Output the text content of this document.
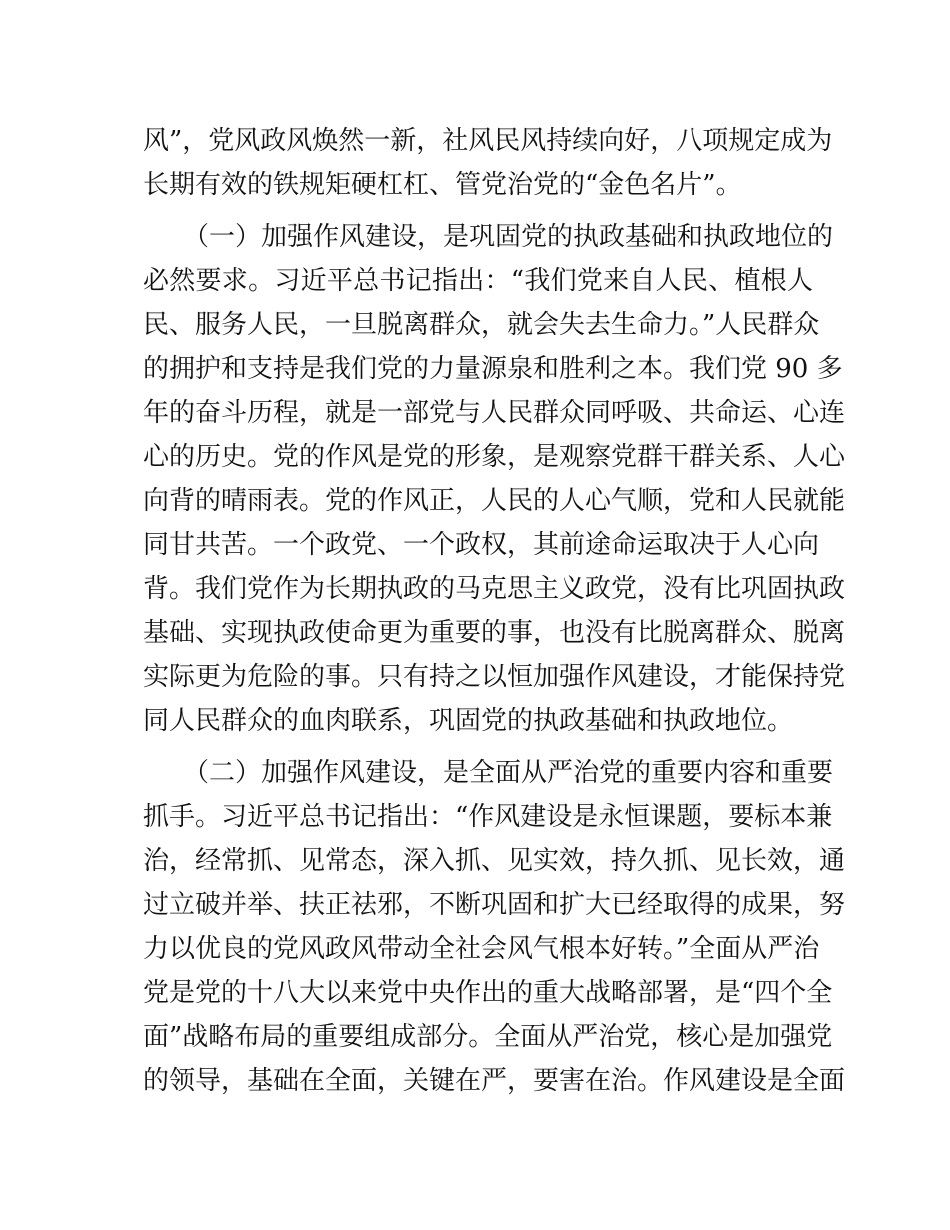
风”，党风政风焕然一新，社风民风持续向好，八项规定成为
长期有效的铁规矩硬杠杠、管党治党的“金色名片”。
（一）加强作风建设，是巩固党的执政基础和执政地位的
必然要求。习近平总书记指出：“我们党来自人民、植根人
民、服务人民，一旦脱离群众，就会失去生命力。”人民群众
的拥护和支持是我们党的力量源泉和胜利之本。我们党 90 多
年的奋斗历程，就是一部党与人民群众同呼吸、共命运、心连
心的历史。党的作风是党的形象，是观察党群干群关系、人心
向背的晴雨表。党的作风正，人民的人心气顺，党和人民就能
同甘共苦。一个政党、一个政权，其前途命运取决于人心向
背。我们党作为长期执政的马克思主义政党，没有比巩固执政
基础、实现执政使命更为重要的事，也没有比脱离群众、脱离
实际更为危险的事。只有持之以恒加强作风建设，才能保持党
同人民群众的血肉联系，巩固党的执政基础和执政地位。
（二）加强作风建设，是全面从严治党的重要内容和重要
抓手。习近平总书记指出：“作风建设是永恒课题，要标本兼
治，经常抓、见常态，深入抓、见实效，持久抓、见长效，通
过立破并举、扶正祛邪，不断巩固和扩大已经取得的成果，努
力以优良的党风政风带动全社会风气根本好转。”全面从严治
党是党的十八大以来党中央作出的重大战略部署，是“四个全
面”战略布局的重要组成部分。全面从严治党，核心是加强党
的领导，基础在全面，关键在严，要害在治。作风建设是全面
